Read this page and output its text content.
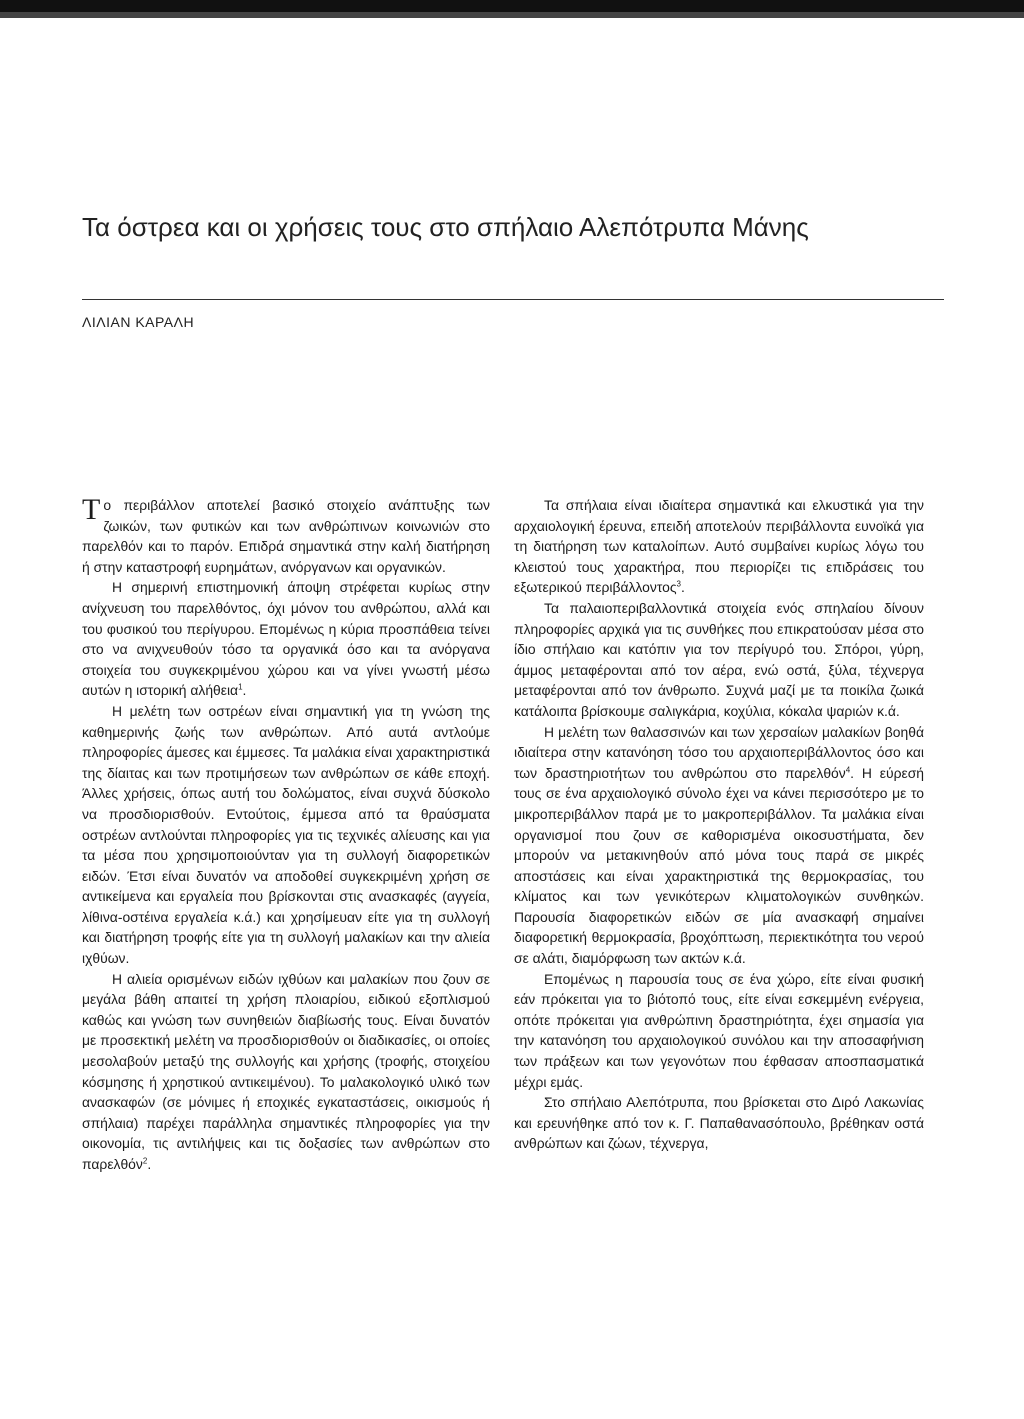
Τα όστρεα και οι χρήσεις τους στο σπήλαιο Αλεπότρυπα Μάνης
ΛΙΛΙΑΝ ΚΑΡΑΛΗ

Το περιβάλλον αποτελεί βασικό στοιχείο ανάπτυξης των ζωικών, των φυτικών και των ανθρώπινων κοινωνιών στο παρελθόν και το παρόν. Επιδρά σημαντικά στην καλή διατήρηση ή στην καταστροφή ευρημάτων, ανόργανων και οργανικών.

Η σημερινή επιστημονική άποψη στρέφεται κυρίως στην ανίχνευση του παρελθόντος, όχι μόνον του ανθρώπου, αλλά και του φυσικού του περίγυρου. Επομένως η κύρια προσπάθεια τείνει στο να ανιχνευθούν τόσο τα οργανικά όσο και τα ανόργανα στοιχεία του συγκεκριμένου χώρου και να γίνει γνωστή μέσω αυτών η ιστορική αλήθεια$^1$.

Η μελέτη των οστρέων είναι σημαντική για τη γνώση της καθημερινής ζωής των ανθρώπων. Από αυτά αντλούμε πληροφορίες άμεσες και έμμεσες. Τα μαλάκια είναι χαρακτηριστικά της δίαιτας και των προτιμήσεων των ανθρώπων σε κάθε εποχή. Άλλες χρήσεις, όπως αυτή του δολώματος, είναι συχνά δύσκολο να προσδιορισθούν. Εντούτοις, έμμεσα από τα θραύσματα οστρέων αντλούνται πληροφορίες για τις τεχνικές αλίευσης και για τα μέσα που χρησιμοποιούνταν για τη συλλογή διαφορετικών ειδών. Έτσι είναι δυνατόν να αποδοθεί συγκεκριμένη χρήση σε αντικείμενα και εργαλεία που βρίσκονται στις ανασκαφές (αγγεία, λίθινα-οστέινα εργαλεία κ.ά.) και χρησίμευαν είτε για τη συλλογή και διατήρηση τροφής είτε για τη συλλογή μαλακίων και την αλιεία ιχθύων.

Η αλιεία ορισμένων ειδών ιχθύων και μαλακίων που ζουν σε μεγάλα βάθη απαιτεί τη χρήση πλοιαρίου, ειδικού εξοπλισμού καθώς και γνώση των συνηθειών διαβίωσής τους. Είναι δυνατόν με προσεκτική μελέτη να προσδιορισθούν οι διαδικασίες, οι οποίες μεσολαβούν μεταξύ της συλλογής και χρήσης (τροφής, στοιχείου κόσμησης ή χρηστικού αντικειμένου). Το μαλακολογικό υλικό των ανασκαφών (σε μόνιμες ή εποχικές εγκαταστάσεις, οικισμούς ή σπήλαια) παρέχει παράλληλα σημαντικές πληροφορίες για την οικονομία, τις αντιλήψεις και τις δοξασίες των ανθρώπων στο παρελθόν$^2$.

Τα σπήλαια είναι ιδιαίτερα σημαντικά και ελκυστικά για την αρχαιολογική έρευνα, επειδή αποτελούν περιβάλλοντα ευνοϊκά για τη διατήρηση των καταλοίπων. Αυτό συμβαίνει κυρίως λόγω του κλειστού τους χαρακτήρα, που περιορίζει τις επιδράσεις του εξωτερικού περιβάλλοντος$^3$.

Τα παλαιοπεριβαλλοντικά στοιχεία ενός σπηλαίου δίνουν πληροφορίες αρχικά για τις συνθήκες που επικρατούσαν μέσα στο ίδιο σπήλαιο και κατόπιν για τον περίγυρό του. Σπόροι, γύρη, άμμος μεταφέρονται από τον αέρα, ενώ οστά, ξύλα, τέχνεργα μεταφέρονται από τον άνθρωπο. Συχνά μαζί με τα ποικίλα ζωικά κατάλοιπα βρίσκουμε σαλιγκάρια, κοχύλια, κόκαλα ψαριών κ.ά.

Η μελέτη των θαλασσινών και των χερσαίων μαλακίων βοηθά ιδιαίτερα στην κατανόηση τόσο του αρχαιοπεριβάλλοντος όσο και των δραστηριοτήτων του ανθρώπου στο παρελθόν$^4$. Η εύρεσή τους σε ένα αρχαιολογικό σύνολο έχει να κάνει περισσότερο με το μικροπεριβάλλον παρά με το μακροπεριβάλλον. Τα μαλάκια είναι οργανισμοί που ζουν σε καθορισμένα οικοσυστήματα, δεν μπορούν να μετακινηθούν από μόνα τους παρά σε μικρές αποστάσεις και είναι χαρακτηριστικά της θερμοκρασίας, του κλίματος και των γενικότερων κλιματολογικών συνθηκών. Παρουσία διαφορετικών ειδών σε μία ανασκαφή σημαίνει διαφορετική θερμοκρασία, βροχόπτωση, περιεκτικότητα του νερού σε αλάτι, διαμόρφωση των ακτών κ.ά.

Επομένως η παρουσία τους σε ένα χώρο, είτε είναι φυσική εάν πρόκειται για το βιότοπό τους, είτε είναι εσκεμμένη ενέργεια, οπότε πρόκειται για ανθρώπινη δραστηριότητα, έχει σημασία για την κατανόηση του αρχαιολογικού συνόλου και την αποσαφήνιση των πράξεων και των γεγονότων που έφθασαν αποσπασματικά μέχρι εμάς.

Στο σπήλαιο Αλεπότρυπα, που βρίσκεται στο Διρό Λακωνίας και ερευνήθηκε από τον κ. Γ. Παπαθανασόπουλο, βρέθηκαν οστά ανθρώπων και ζώων, τέχνεργα,
